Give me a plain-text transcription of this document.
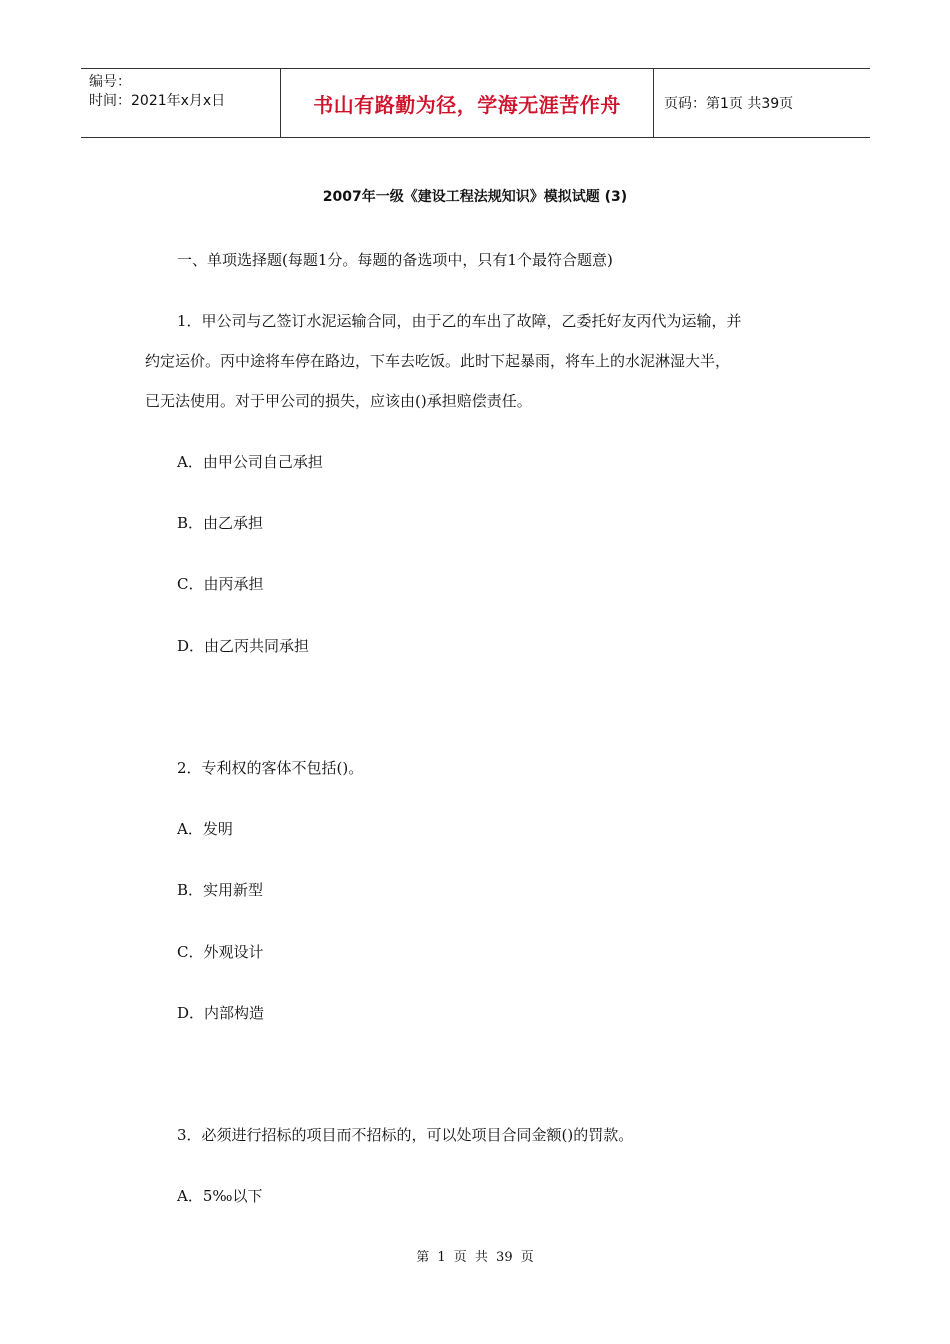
编号：
时间：2021年x月x日	书山有路勤为径，学海无涯苦作舟	页码：第1页 共39页
2007年一级《建设工程法规知识》模拟试题 (3)
一、单项选择题(每题1分。每题的备选项中，只有1个最符合题意)
1．甲公司与乙签订水泥运输合同，由于乙的车出了故障，乙委托好友丙代为运输，并
约定运价。丙中途将车停在路边，下车去吃饭。此时下起暴雨，将车上的水泥淋湿大半，
已无法使用。对于甲公司的损失，应该由()承担赔偿责任。
A．由甲公司自己承担
B．由乙承担
C．由丙承担
D．由乙丙共同承担
2．专利权的客体不包括()。
A．发明
B．实用新型
C．外观设计
D．内部构造
3．必须进行招标的项目而不招标的，可以处项目合同金额()的罚款。
A．5‰以下
第 1 页 共 39 页
